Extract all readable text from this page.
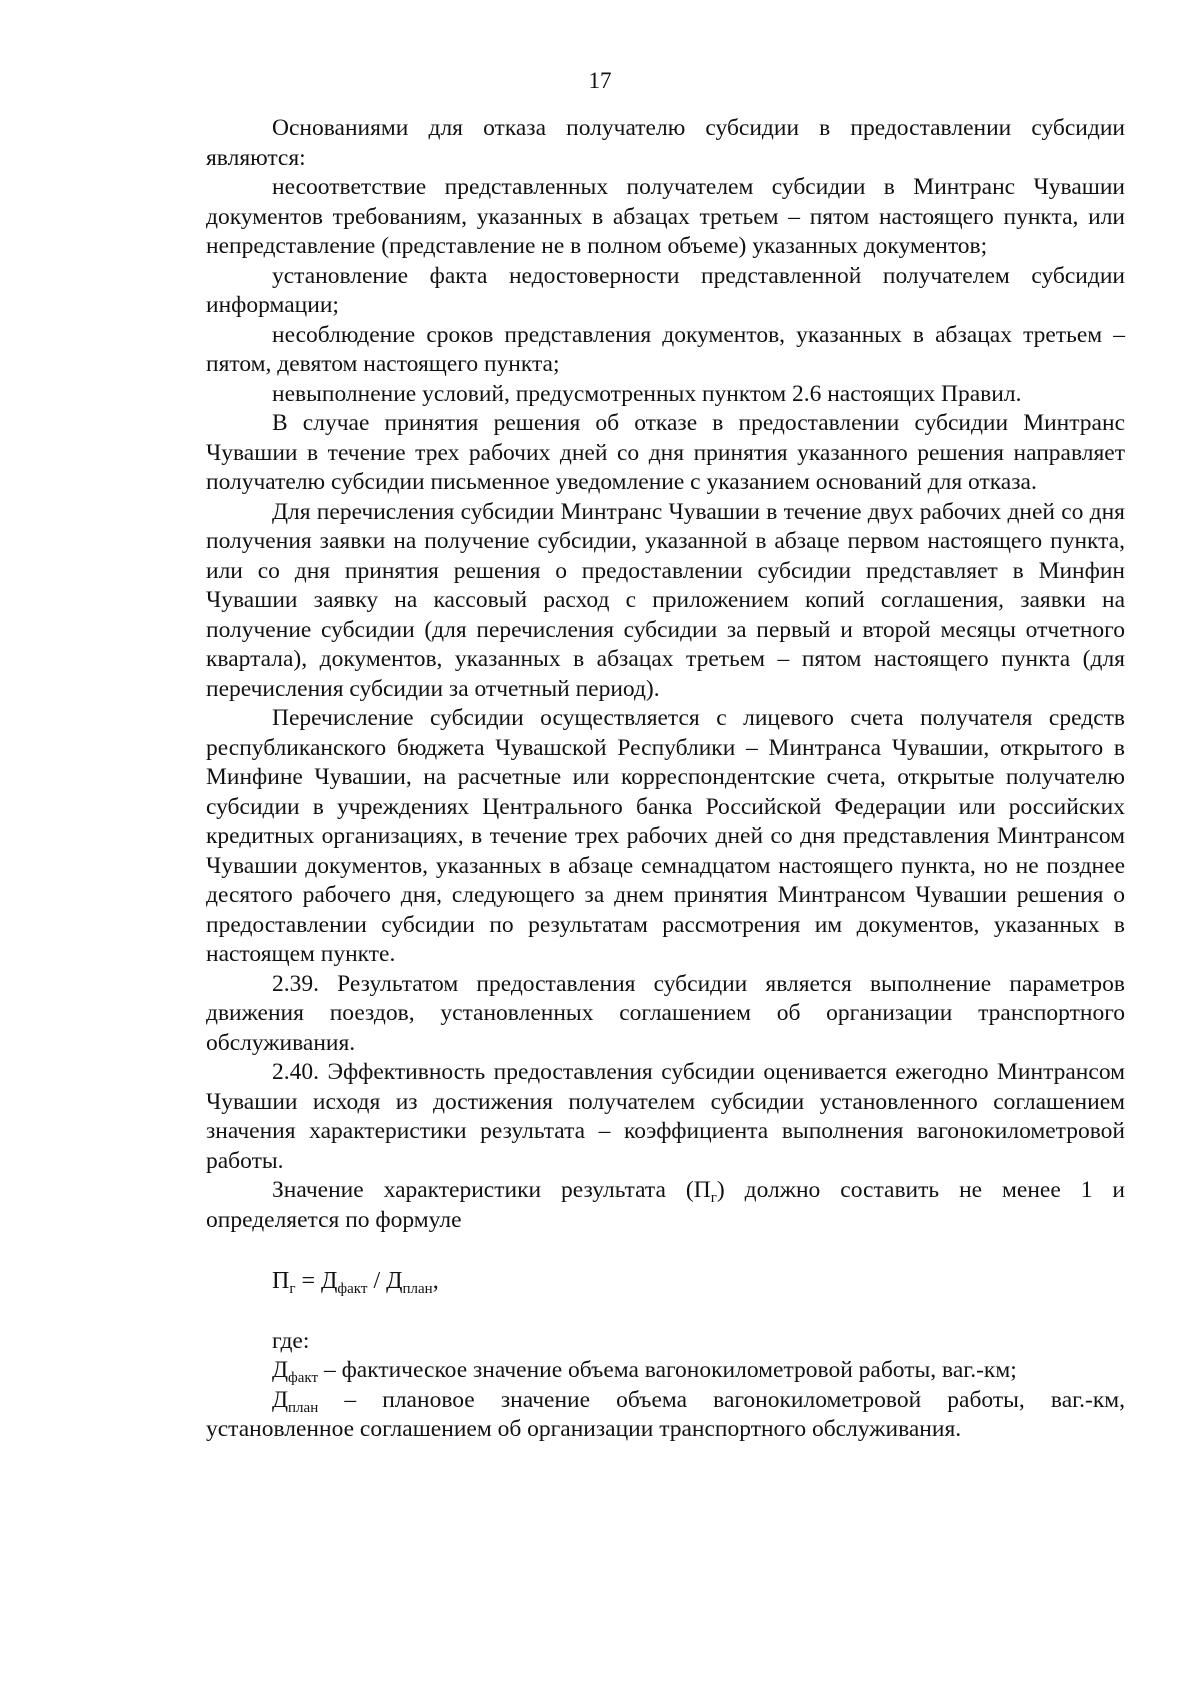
17

Основаниями для отказа получателю субсидии в предоставлении субсидии являются:

несоответствие представленных получателем субсидии в Минтранс Чувашии документов требованиям, указанных в абзацах третьем – пятом настоящего пункта, или непредставление (представление не в полном объеме) указанных документов;

установление факта недостоверности представленной получателем субсидии информации;

несоблюдение сроков представления документов, указанных в абзацах третьем – пятом, девятом настоящего пункта;

невыполнение условий, предусмотренных пунктом 2.6 настоящих Правил.

В случае принятия решения об отказе в предоставлении субсидии Минтранс Чувашии в течение трех рабочих дней со дня принятия указанного решения направляет получателю субсидии письменное уведомление с указанием оснований для отказа.

Для перечисления субсидии Минтранс Чувашии в течение двух рабочих дней со дня получения заявки на получение субсидии, указанной в абзаце первом настоящего пункта, или со дня принятия решения о предоставлении субсидии представляет в Минфин Чувашии заявку на кассовый расход с приложением копий соглашения, заявки на получение субсидии (для перечисления субсидии за первый и второй месяцы отчетного квартала), документов, указанных в абзацах третьем – пятом настоящего пункта (для перечисления субсидии за отчетный период).

Перечисление субсидии осуществляется с лицевого счета получателя средств республиканского бюджета Чувашской Республики – Минтранса Чувашии, открытого в Минфине Чувашии, на расчетные или корреспондентские счета, открытые получателю субсидии в учреждениях Центрального банка Российской Федерации или российских кредитных организациях, в течение трех рабочих дней со дня представления Минтрансом Чувашии документов, указанных в абзаце семнадцатом настоящего пункта, но не позднее десятого рабочего дня, следующего за днем принятия Минтрансом Чувашии решения о предоставлении субсидии по результатам рассмотрения им документов, указанных в настоящем пункте.

2.39. Результатом предоставления субсидии является выполнение параметров движения поездов, установленных соглашением об организации транспортного обслуживания.

2.40. Эффективность предоставления субсидии оценивается ежегодно Минтрансом Чувашии исходя из достижения получателем субсидии установленного соглашением значения характеристики результата – коэффициента выполнения вагонокилометровой работы.

Значение характеристики результата $(П_г)$ должно составить не менее 1 и определяется по формуле

$П_г = Д_{факт} / Д_{план}$,

где:

$Д_{факт}$ – фактическое значение объема вагонокилометровой работы, ваг.-км;

$Д_{план}$ – плановое значение объема вагонокилометровой работы, ваг.-км, установленное соглашением об организации транспортного обслуживания.
